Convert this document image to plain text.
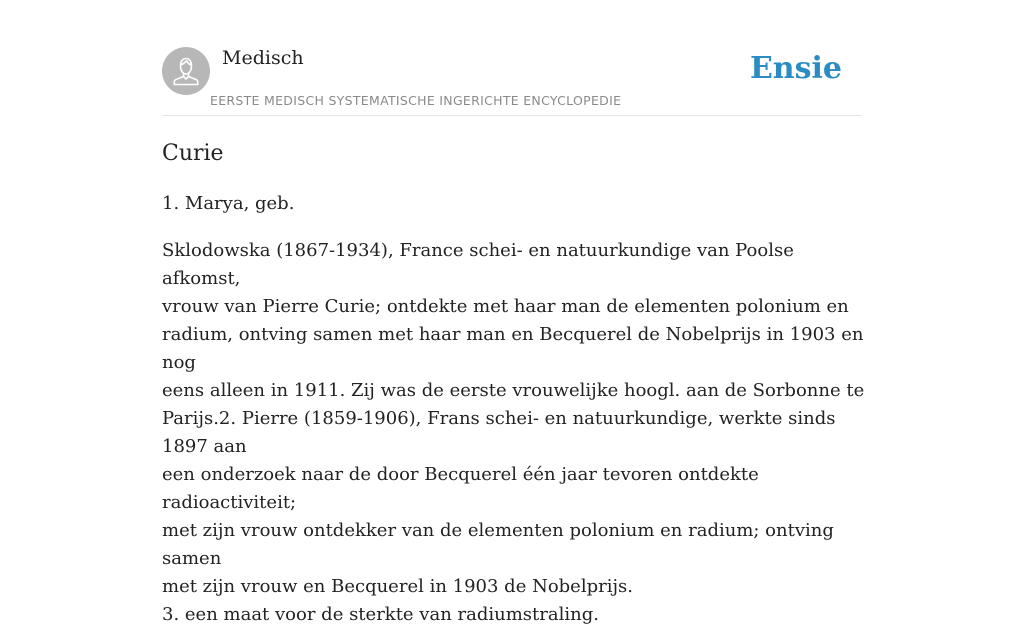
Medisch
EERSTE MEDISCH SYSTEMATISCHE INGERICHTE ENCYCLOPEDIE
Ensie
Curie

1. Marya, geb.

Sklodowska (1867-1934), France schei- en natuurkundige van Poolse afkomst,
vrouw van Pierre Curie; ontdekte met haar man de elementen polonium en
radium, ontving samen met haar man en Becquerel de Nobelprijs in 1903 en nog
eens alleen in 1911. Zij was de eerste vrouwelijke hoogl. aan de Sorbonne te
Parijs.2. Pierre (1859-1906), Frans schei- en natuurkundige, werkte sinds 1897 aan
een onderzoek naar de door Becquerel één jaar tevoren ontdekte radioactiviteit;
met zijn vrouw ontdekker van de elementen polonium en radium; ontving samen
met zijn vrouw en Becquerel in 1903 de Nobelprijs.
3. een maat voor de sterkte van radiumstraling.
